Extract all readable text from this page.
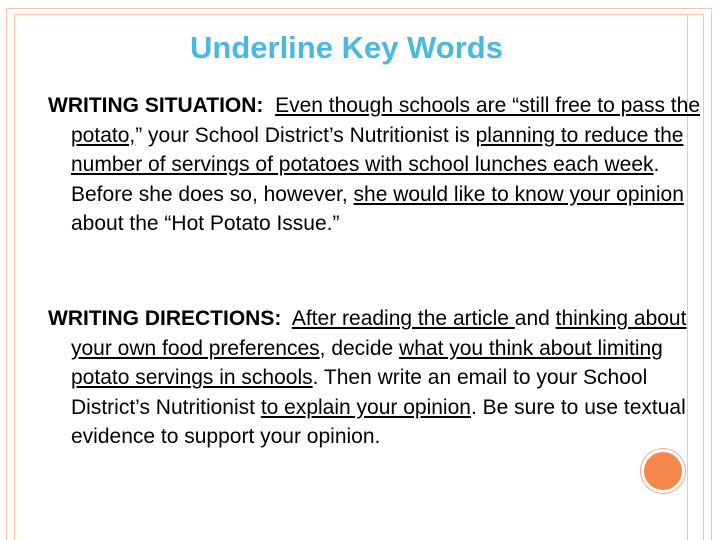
Underline Key Words

WRITING SITUATION: Even though schools are “still free to pass the potato,” your School District’s Nutritionist is planning to reduce the number of servings of potatoes with school lunches each week. Before she does so, however, she would like to know your opinion about the “Hot Potato Issue.”

WRITING DIRECTIONS: After reading the article and thinking about your own food preferences, decide what you think about limiting potato servings in schools. Then write an email to your School District’s Nutritionist to explain your opinion. Be sure to use textual evidence to support your opinion.
